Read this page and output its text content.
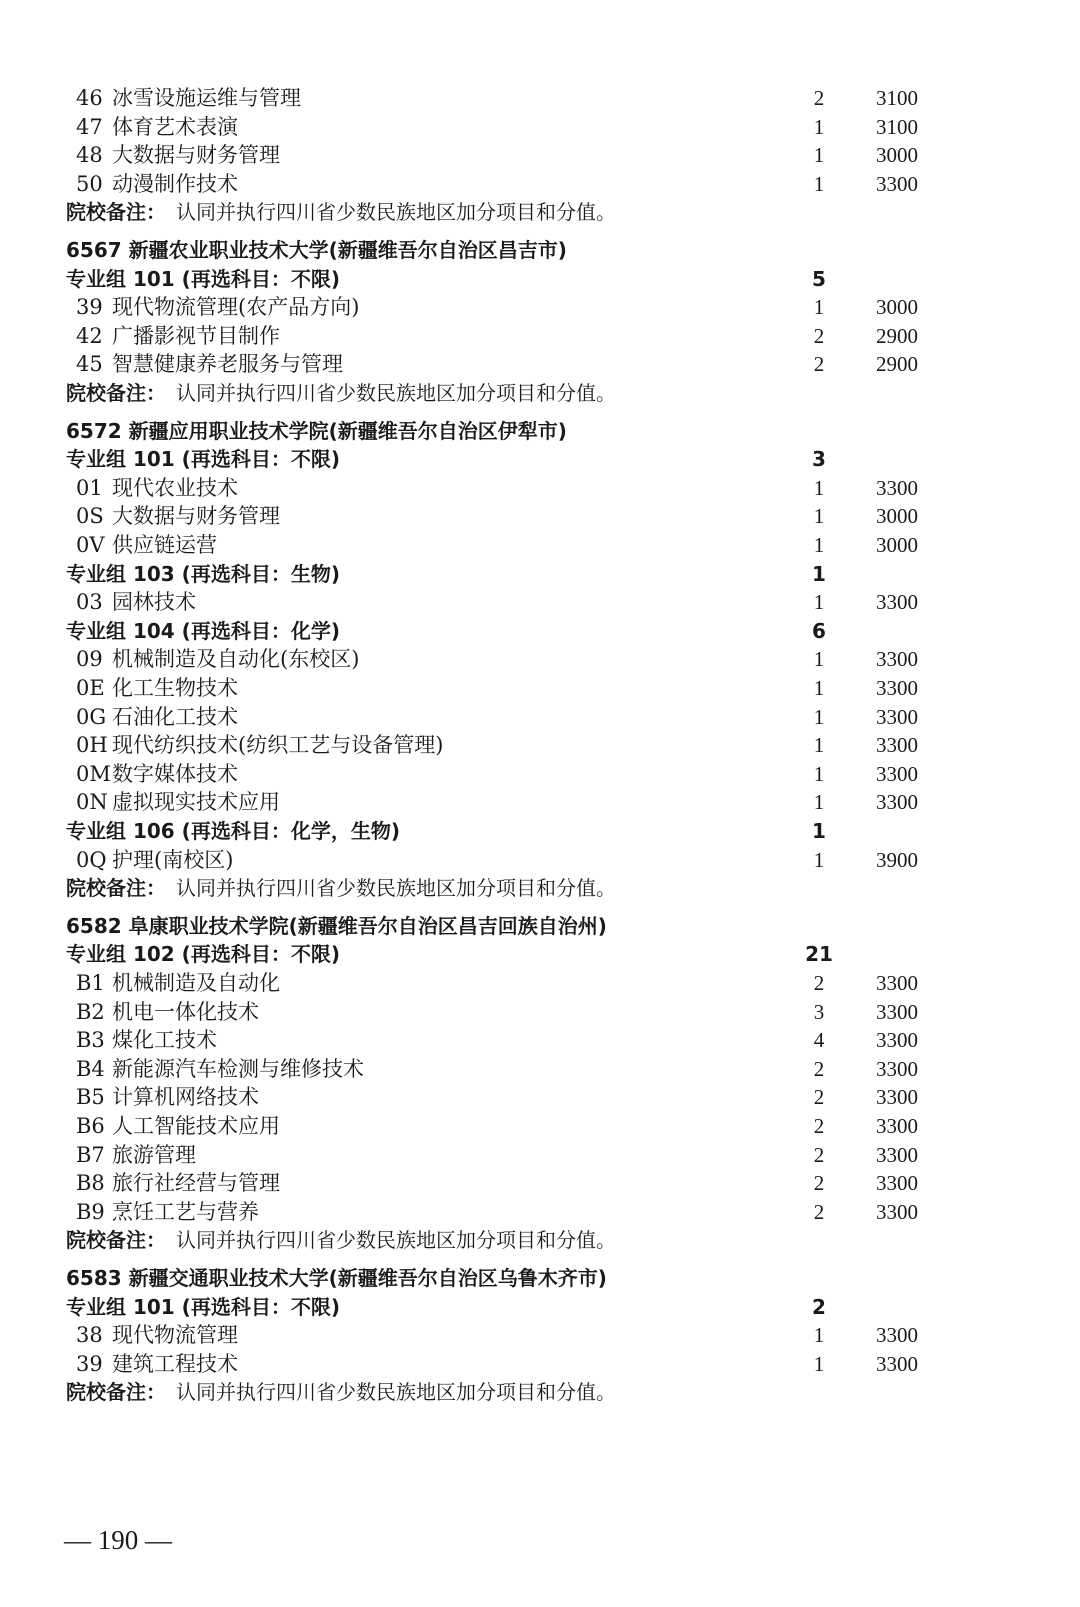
46 冰雪设施运维与管理	2	3100
47 体育艺术表演	1	3100
48 大数据与财务管理	1	3000
50 动漫制作技术	1	3300
院校备注： 认同并执行四川省少数民族地区加分项目和分值。
6567 新疆农业职业技术大学(新疆维吾尔自治区昌吉市)
专业组 101 (再选科目：不限)	5
39 现代物流管理(农产品方向)	1	3000
42 广播影视节目制作	2	2900
45 智慧健康养老服务与管理	2	2900
院校备注： 认同并执行四川省少数民族地区加分项目和分值。
6572 新疆应用职业技术学院(新疆维吾尔自治区伊犁市)
专业组 101 (再选科目：不限)	3
01 现代农业技术	1	3300
0S 大数据与财务管理	1	3000
0V 供应链运营	1	3000
专业组 103 (再选科目：生物)	1
03 园林技术	1	3300
专业组 104 (再选科目：化学)	6
09 机械制造及自动化(东校区)	1	3300
0E 化工生物技术	1	3300
0G 石油化工技术	1	3300
0H 现代纺织技术(纺织工艺与设备管理)	1	3300
0M 数字媒体技术	1	3300
0N 虚拟现实技术应用	1	3300
专业组 106 (再选科目：化学，生物)	1
0Q 护理(南校区)	1	3900
院校备注： 认同并执行四川省少数民族地区加分项目和分值。
6582 阜康职业技术学院(新疆维吾尔自治区昌吉回族自治州)
专业组 102 (再选科目：不限)	21
B1 机械制造及自动化	2	3300
B2 机电一体化技术	3	3300
B3 煤化工技术	4	3300
B4 新能源汽车检测与维修技术	2	3300
B5 计算机网络技术	2	3300
B6 人工智能技术应用	2	3300
B7 旅游管理	2	3300
B8 旅行社经营与管理	2	3300
B9 烹饪工艺与营养	2	3300
院校备注： 认同并执行四川省少数民族地区加分项目和分值。
6583 新疆交通职业技术大学(新疆维吾尔自治区乌鲁木齐市)
专业组 101 (再选科目：不限)	2
38 现代物流管理	1	3300
39 建筑工程技术	1	3300
院校备注： 认同并执行四川省少数民族地区加分项目和分值。
— 190 —
